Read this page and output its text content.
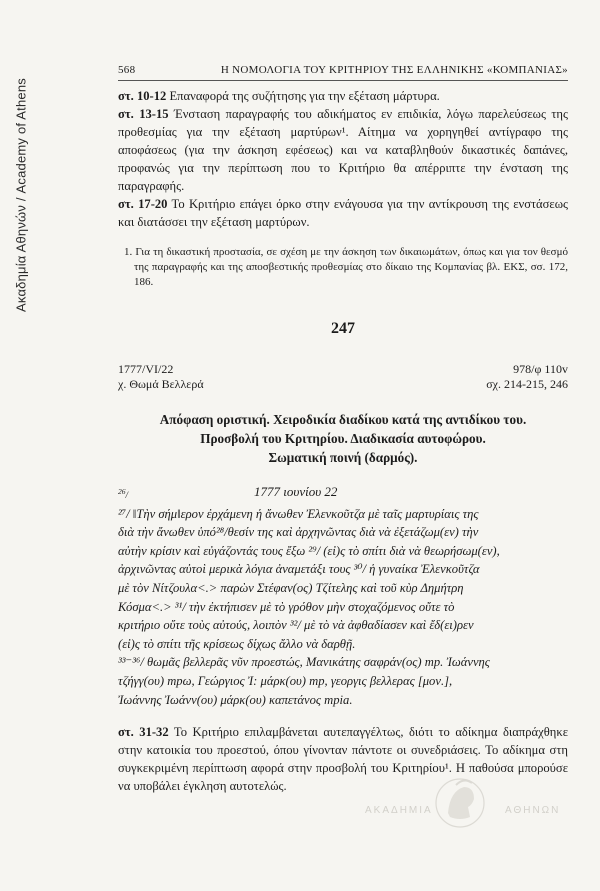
Ακαδημία Αθηνών / Academy of Athens
568	Η ΝΟΜΟΛΟΓΙΑ ΤΟΥ ΚΡΙΤΗΡΙΟΥ ΤΗΣ ΕΛΛΗΝΙΚΗΣ «ΚΟΜΠΑΝΙΑΣ»

στ. 10-12 Επαναφορά της συζήτησης για την εξέταση μάρτυρα.

στ. 13-15 Ένσταση παραγραφής του αδικήματος εν επιδικία, λόγω παρελεύσεως της προθεσμίας για την εξέταση μαρτύρων¹. Αίτημα να χορηγηθεί αντίγραφο της αποφάσεως (για την άσκηση εφέσεως) και να καταβληθούν δικαστικές δαπάνες, προφανώς για την περίπτωση που το Κριτήριο θα απέρριπτε την ένσταση της παραγραφής.

στ. 17-20 Το Κριτήριο επάγει όρκο στην ενάγουσα για την αντίκρουση της ενστάσεως και διατάσσει την εξέταση μαρτύρων.

1. Για τη δικαστική προστασία, σε σχέση με την άσκηση των δικαιωμάτων, όπως και για τον θεσμό της παραγραφής και της αποσβεστικής προθεσμίας στο δίκαιο της Κομπανίας βλ. ΕΚΣ, σσ. 172, 186.

247
1777/VI/22
χ. Θωμά Βελλερά
978/φ 110v
σχ. 214-215, 246
Απόφαση οριστική. Χειροδικία διαδίκου κατά της αντιδίκου του.
Προσβολή του Κριτηρίου. Διαδικασία αυτοφώρου.
Σωματική ποινή (δαρμός).
$^{26}$/	1777 ιουνίου 22
²⁷/ ‖Τὴν σήμ‖ερον ἐρχάμενη ἡ ἄνωθεν Ἐλενκοῦτζα μὲ ταῖς μαρτυρίαις της
διὰ τὴν ἄνωθεν ὑπό²⁸/θεσίν της καὶ ἀρχηνῶντας διὰ νὰ ἐξετάζωμ(εν) τὴν
αὐτὴν κρίσιν καὶ εὐγάζοντάς τους ἔξω ²⁹/ (εἰ)ς τὸ σπίτι διὰ νὰ θεωρήσωμ(εν),
ἀρχινῶντας αὐτοὶ μερικὰ λόγια ἀναμετάξι τους ³⁰/ ἡ γυναίκα Ἐλενκοῦτζα
μὲ τὸν Νίτζουλα<.> παρὼν Στέφαν(ος) Τζίτελης καὶ τοῦ κὺρ Δημήτρη
Κόσμα<.> ³¹/ τὴν ἐκτήπισεν μὲ τὸ γρόθον μὴν στοχαζόμενος οὔτε τὸ
κριτήριο οὔτε τοὺς αὐτούς, λοιπὸν ³²/ μὲ τὸ νὰ ἀφθαδίασεν καὶ ἔδ(ει)ρεν
(εἰ)ς τὸ σπίτι τῆς κρίσεως δίχως ἄλλο νὰ δαρθῇ.
³³⁻³⁶/ θωμᾶς βελλερᾶς νῦν προεστώς, Μανικάτης σαφράν(ος) mp. Ἰωάννης
τζήγγ(ου) mpω, Γεώργιος Ἰ: μάρκ(ου) mp, γεοργις βελλερας [μον.],
Ἰωάννης Ἰωάνν(ου) μάρκ(ου) καπετάνος mpia.

στ. 31-32 Το Κριτήριο επιλαμβάνεται αυτεπαγγέλτως, διότι το αδίκημα διαπράχθηκε στην κατοικία του προεστού, όπου γίνονταν πάντοτε οι συνεδριάσεις. Το αδίκημα στη συγκεκριμένη περίπτωση αφορά στην προσβολή του Κριτηρίου¹. Η παθούσα μπορούσε να υποβάλει έγκληση αυτοτελώς.

ΑΚΑΔΗΜΙΑ	ΑΘΗΝΩΝ
